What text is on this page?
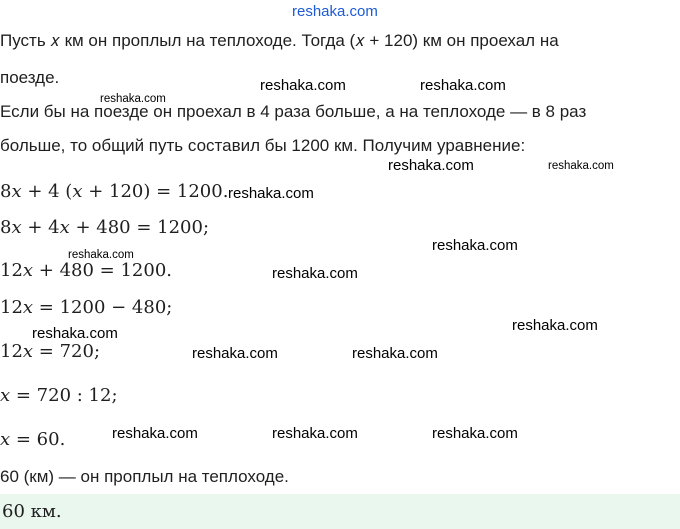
reshaka.com
Пусть 𝑥 км он проплыл на теплоходе. Тогда (𝑥 + 120) км он проехал на
поезде.
Если бы на поезде он проехал в 4 раза больше, а на теплоходе — в 8 раз
больше, то общий путь составил бы 1200 км. Получим уравнение:
8𝑥 + 4 (𝑥 + 120) = 1200.
8𝑥 + 4𝑥 + 480 = 1200;
12𝑥 + 480 = 1200.
12𝑥 = 1200 − 480;
12𝑥 = 720;
𝑥 = 720 : 12;
𝑥 = 60.
60 (км) — он проплыл на теплоходе.
60 км.
reshaka.com	reshaka.com
reshaka.com
reshaka.com	reshaka.com
reshaka.com
reshaka.com
reshaka.com
reshaka.com
reshaka.com
reshaka.com
reshaka.com	reshaka.com
reshaka.com	reshaka.com	reshaka.com
